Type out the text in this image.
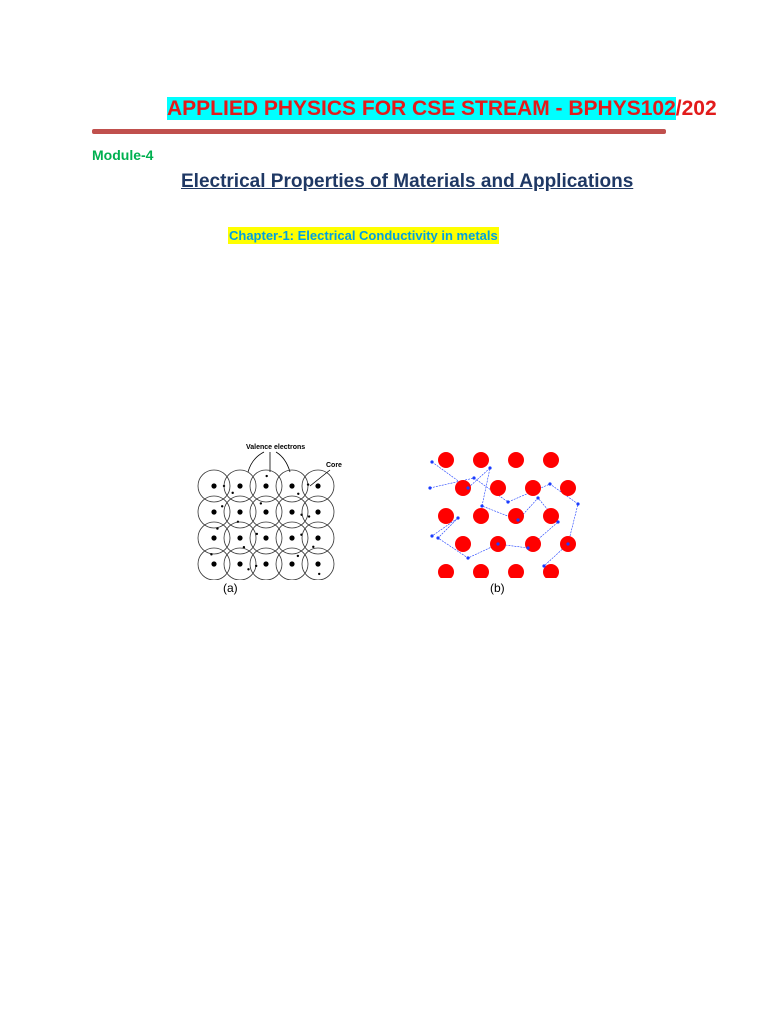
APPLIED PHYSICS FOR CSE STREAM - BPHYS102/202
Module-4
Electrical Properties of Materials and Applications
Chapter-1: Electrical Conductivity in metals
Valence electrons
Core
(a)	(b)
